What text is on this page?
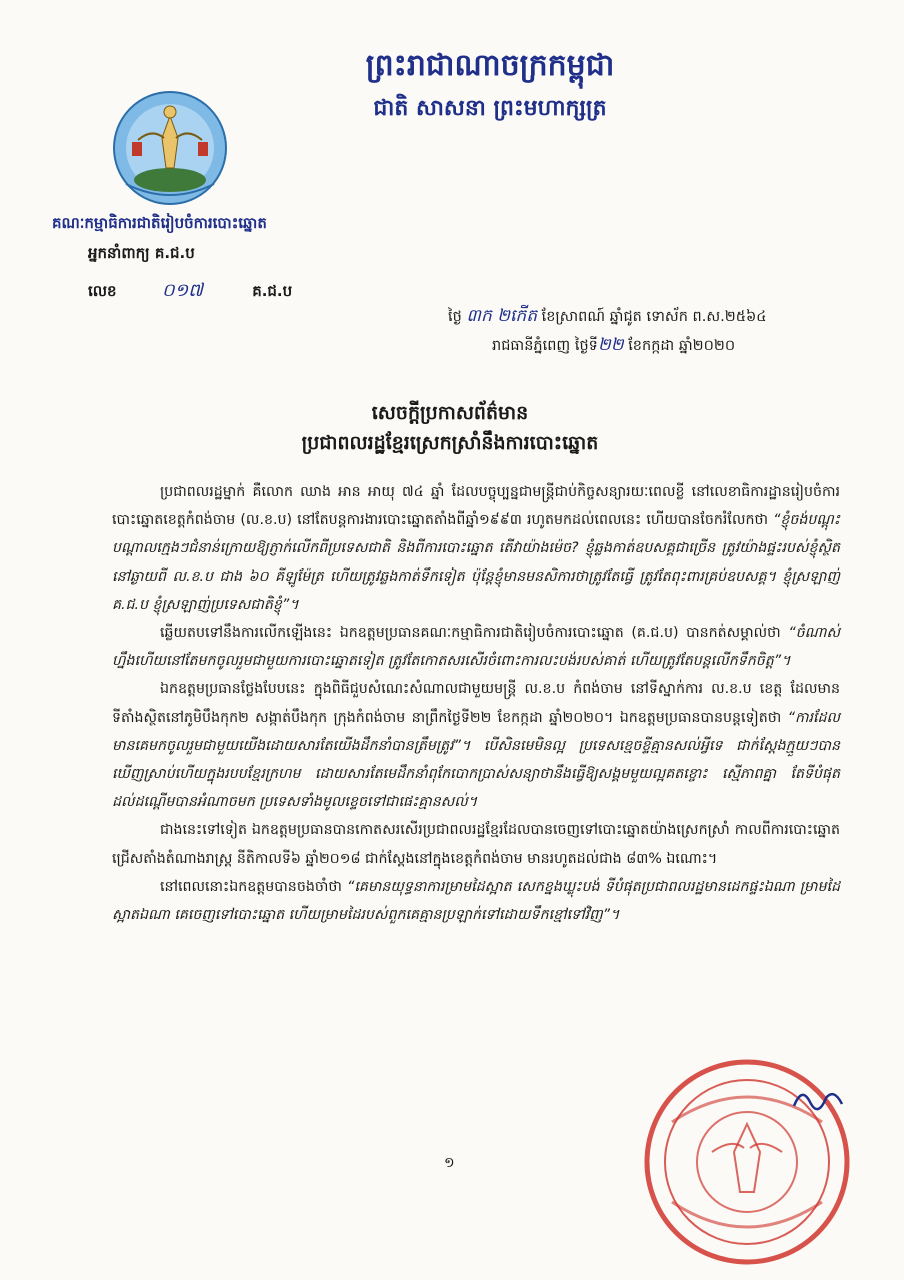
ព្រះរាជាណាចក្រកម្ពុជា
ជាតិ សាសនា ព្រះមហាក្សត្រ
គណៈកម្មាធិការជាតិរៀបចំការបោះឆ្នោត
អ្នកនាំពាក្យ គ.ជ.ប
លេខ	០១៧	គ.ជ.ប
ថ្ងៃ ៣ក ២កើត ខែស្រាពណ៍ ឆ្នាំជូត ទោស័ក ព.ស.២៥៦៤
រាជធានីភ្នំពេញ ថ្ងៃទី២២ ខែកក្កដា ឆ្នាំ២០២០
សេចក្តីប្រកាសព័ត៌មាន
ប្រជាពលរដ្ឋខ្មែរស្រេកស្រាំនឹងការបោះឆ្នោត

ប្រជាពលរដ្ឋម្នាក់ គឺលោក ឈាង អាន អាយុ ៧៤ ឆ្នាំ ដែលបច្ចុប្បន្នជាមន្ត្រីជាប់កិច្ចសន្យារយៈពេលខ្លី នៅលេខាធិការដ្ឋានរៀបចំការបោះឆ្នោតខេត្តកំពង់ចាម (ល.ខ.ប) នៅតែបន្តការងារបោះឆ្នោតតាំងពីឆ្នាំ១៩៩៣ រហូតមកដល់ពេលនេះ ហើយបានចែករំលែកថា “ខ្ញុំចង់បណ្តុះបណ្តាលក្មេងៗជំនាន់ក្រោយឱ្យភ្ញាក់លើកពីប្រទេសជាតិ និងពីការបោះឆ្នោត តើវាយ៉ាងម៉េច? ខ្ញុំឆ្លងកាត់ឧបសគ្គជាច្រើន ត្រូវយ៉ាងផ្ទះរបស់ខ្ញុំស្ថិតនៅឆ្ងាយពី ល.ខ.ប ជាង ៦០ គីឡូម៉ែត្រ ហើយត្រូវឆ្លងកាត់ទឹកទៀត ប៉ុន្តែខ្ញុំមានមនសិការថាត្រូវតែធ្វើ ត្រូវតែពុះពារគ្រប់ឧបសគ្គ។ ខ្ញុំស្រឡាញ់ គ.ជ.ប ខ្ញុំស្រឡាញ់ប្រទេសជាតិខ្ញុំ”។

ឆ្លើយតបទៅនឹងការលើកឡើងនេះ ឯកឧត្តមប្រធានគណៈកម្មាធិការជាតិរៀបចំការបោះឆ្នោត (គ.ជ.ប) បានកត់សម្គាល់ថា “ចំណាស់ហ្នឹងហើយនៅតែមកចូលរួមជាមួយការបោះឆ្នោតទៀត ត្រូវតែកោតសរសើរចំពោះការលះបង់របស់គាត់ ហើយត្រូវតែបន្តលើកទឹកចិត្ត”។

ឯកឧត្តមប្រធានថ្លែងបែបនេះ ក្នុងពិធីជួបសំណេះសំណាលជាមួយមន្ត្រី ល.ខ.ប កំពង់ចាម នៅទីស្នាក់ការ ល.ខ.ប ខេត្ត ដែលមានទីតាំងស្ថិតនៅភូមិបឹងកុក២ សង្កាត់បឹងកុក ក្រុងកំពង់ចាម នាព្រឹកថ្ងៃទី២២ ខែកក្កដា ឆ្នាំ២០២០។ ឯកឧត្តមប្រធានបានបន្តទៀតថា “ការដែលមានគេមកចូលរួមជាមួយយើងដោយសារតែយើងដឹកនាំបានត្រឹមត្រូវ”។ បើសិនមេមិនល្អ ប្រទេសខ្មេចខ្ទីគ្មានសល់អ្វីទេ ជាក់ស្តែងក្មួយៗបានឃើញស្រាប់ហើយក្នុងរបបខ្មែរក្រហម ដោយសារតែមេដឹកនាំពុកែបោកប្រាស់សន្យាថានឹងធ្វើឱ្យសង្គមមួយល្អគតខ្ចោះ ស្មើភាពគ្នា តែទីបំផុតដល់ដណ្តើមបានអំណាចមក ប្រទេសទាំងមូលខ្ទេចទៅជាផេះគ្មានសល់។

ជាងនេះទៅទៀត ឯកឧត្តមប្រធានបានកោតសរសើរប្រជាពលរដ្ឋខ្មែរដែលបានចេញទៅបោះឆ្នោតយ៉ាងស្រេកស្រាំ កាលពីការបោះឆ្នោតជ្រើសតាំងតំណាងរាស្ត្រ នីតិកាលទី៦ ឆ្នាំ២០១៨ ជាក់ស្តែងនៅក្នុងខេត្តកំពង់ចាម មានរហូតដល់ជាង ៨៣% ឯណោះ។

នៅពេលនោះឯកឧត្តមបានចងចាំថា “គេមានយុទ្ធនាការម្រាមដៃស្អាត សេកខ្នងឃ្លុះបង់ ទីបំផុតប្រជាពលរដ្ឋមានដេកផ្ទះឯណា ម្រាមដៃស្អាតឯណា គេចេញទៅបោះឆ្នោត ហើយម្រាមដៃរបស់ពួកគេគ្មានប្រឡាក់ទៅដោយទឹកខ្មៅទៅវិញ”។

១
